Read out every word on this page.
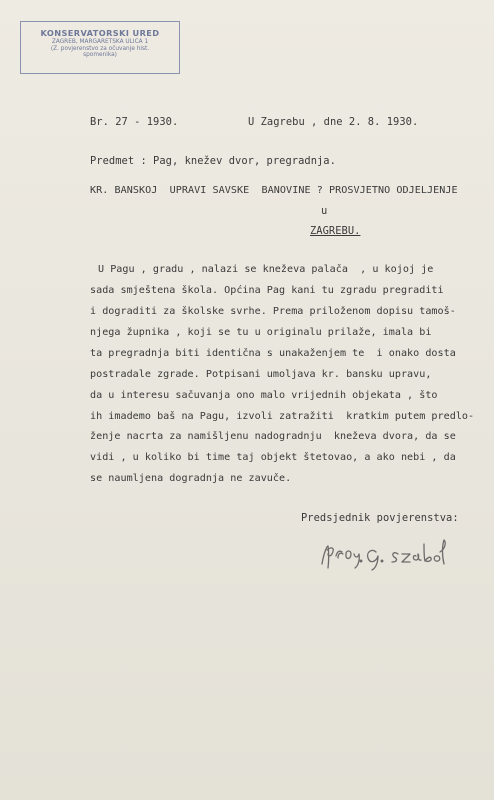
KONSERVATORSKI URED
ZAGREB, MARGARETSKA ULICA 1
(Z. povjerenstvo za očuvanje hist.
spomenika)
Br. 27 - 1930.	U Zagrebu , dne 2. 8. 1930.
Predmet : Pag, knežev dvor, pregradnja.
KR. BANSKOJ  UPRAVI SAVSKE  BANOVINE ? PROSVJETNO ODJELJENJE
u
ZAGREBU.
U Pagu , gradu , nalazi se kneževa palača  , u kojoj je
sada smještena škola. Općina Pag kani tu zgradu pregraditi
i dograditi za školske svrhe. Prema priloženom dopisu tamoš-
njega župnika , koji se tu u originalu prilaže, imala bi
ta pregradnja biti identična s unakaženjem te  i onako dosta
postradale zgrade. Potpisani umoljava kr. bansku upravu,
da u interesu sačuvanja ono malo vrijednih objekata , što
ih imademo baš na Pagu, izvoli zatražiti  kratkim putem predlo-
ženje nacrta za namišljenu nadogradnju  kneževa dvora, da se
vidi , u koliko bi time taj objekt štetovao, a ako nebi , da
se naumljena dogradnja ne zavuče.
Predsjednik povjerenstva:
